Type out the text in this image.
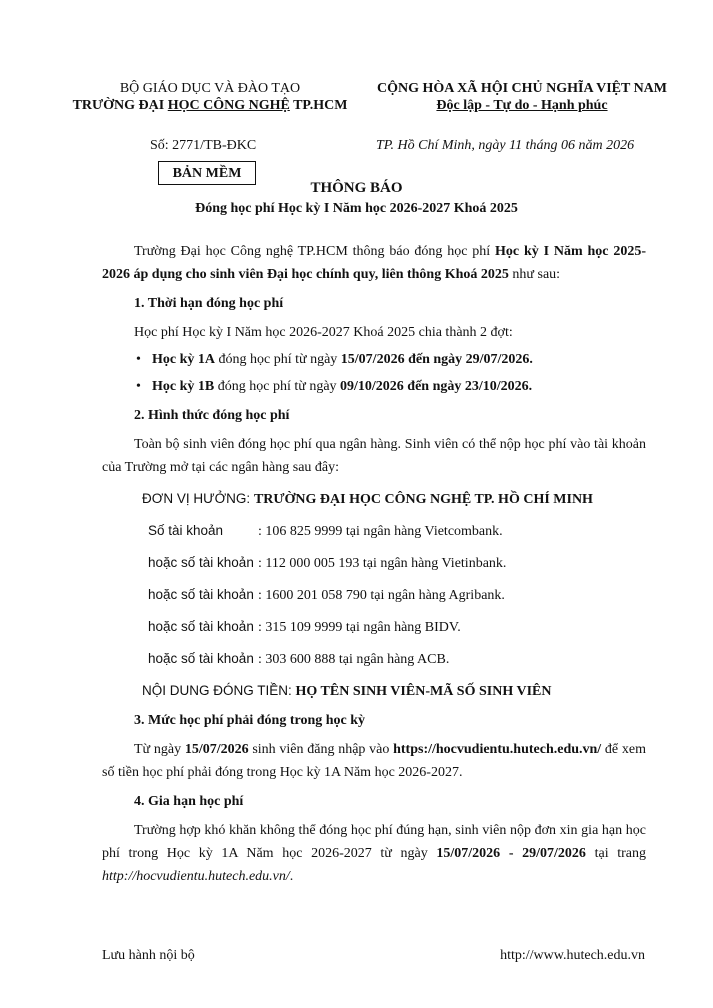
BỘ GIÁO DỤC VÀ ĐÀO TẠO
TRƯỜNG ĐẠI HỌC CÔNG NGHỆ TP.HCM
CỘNG HÒA XÃ HỘI CHỦ NGHĨA VIỆT NAM
Độc lập - Tự do - Hạnh phúc
Số: 2771/TB-ĐKC	TP. Hồ Chí Minh, ngày 11 tháng 06 năm 2026
BẢN MỀM
THÔNG BÁO
Đóng học phí Học kỳ I Năm học 2026-2027 Khoá 2025

Trường Đại học Công nghệ TP.HCM thông báo đóng học phí Học kỳ I Năm học 2025-2026 áp dụng cho sinh viên Đại học chính quy, liên thông Khoá 2025 như sau:

1. Thời hạn đóng học phí
Học phí Học kỳ I Năm học 2026-2027 Khoá 2025 chia thành 2 đợt:
• Học kỳ 1A đóng học phí từ ngày 15/07/2026 đến ngày 29/07/2026.
• Học kỳ 1B đóng học phí từ ngày 09/10/2026 đến ngày 23/10/2026.
2. Hình thức đóng học phí

Toàn bộ sinh viên đóng học phí qua ngân hàng. Sinh viên có thể nộp học phí vào tài khoản của Trường mở tại các ngân hàng sau đây:

ĐƠN VỊ HƯỞNG: TRƯỜNG ĐẠI HỌC CÔNG NGHỆ TP. HỒ CHÍ MINH
Số tài khoản : 106 825 9999 tại ngân hàng Vietcombank.
hoặc số tài khoản : 112 000 005 193 tại ngân hàng Vietinbank.
hoặc số tài khoản : 1600 201 058 790 tại ngân hàng Agribank.
hoặc số tài khoản : 315 109 9999 tại ngân hàng BIDV.
hoặc số tài khoản : 303 600 888 tại ngân hàng ACB.
NỘI DUNG ĐÓNG TIỀN: HỌ TÊN SINH VIÊN-MÃ SỐ SINH VIÊN
3. Mức học phí phải đóng trong học kỳ

Từ ngày 15/07/2026 sinh viên đăng nhập vào https://hocvudientu.hutech.edu.vn/ để xem số tiền học phí phải đóng trong Học kỳ 1A Năm học 2026-2027.

4. Gia hạn học phí

Trường hợp khó khăn không thể đóng học phí đúng hạn, sinh viên nộp đơn xin gia hạn học phí trong Học kỳ 1A Năm học 2026-2027 từ ngày 15/07/2026 - 29/07/2026 tại trang http://hocvudientu.hutech.edu.vn/.

Lưu hành nội bộ	http://www.hutech.edu.vn
